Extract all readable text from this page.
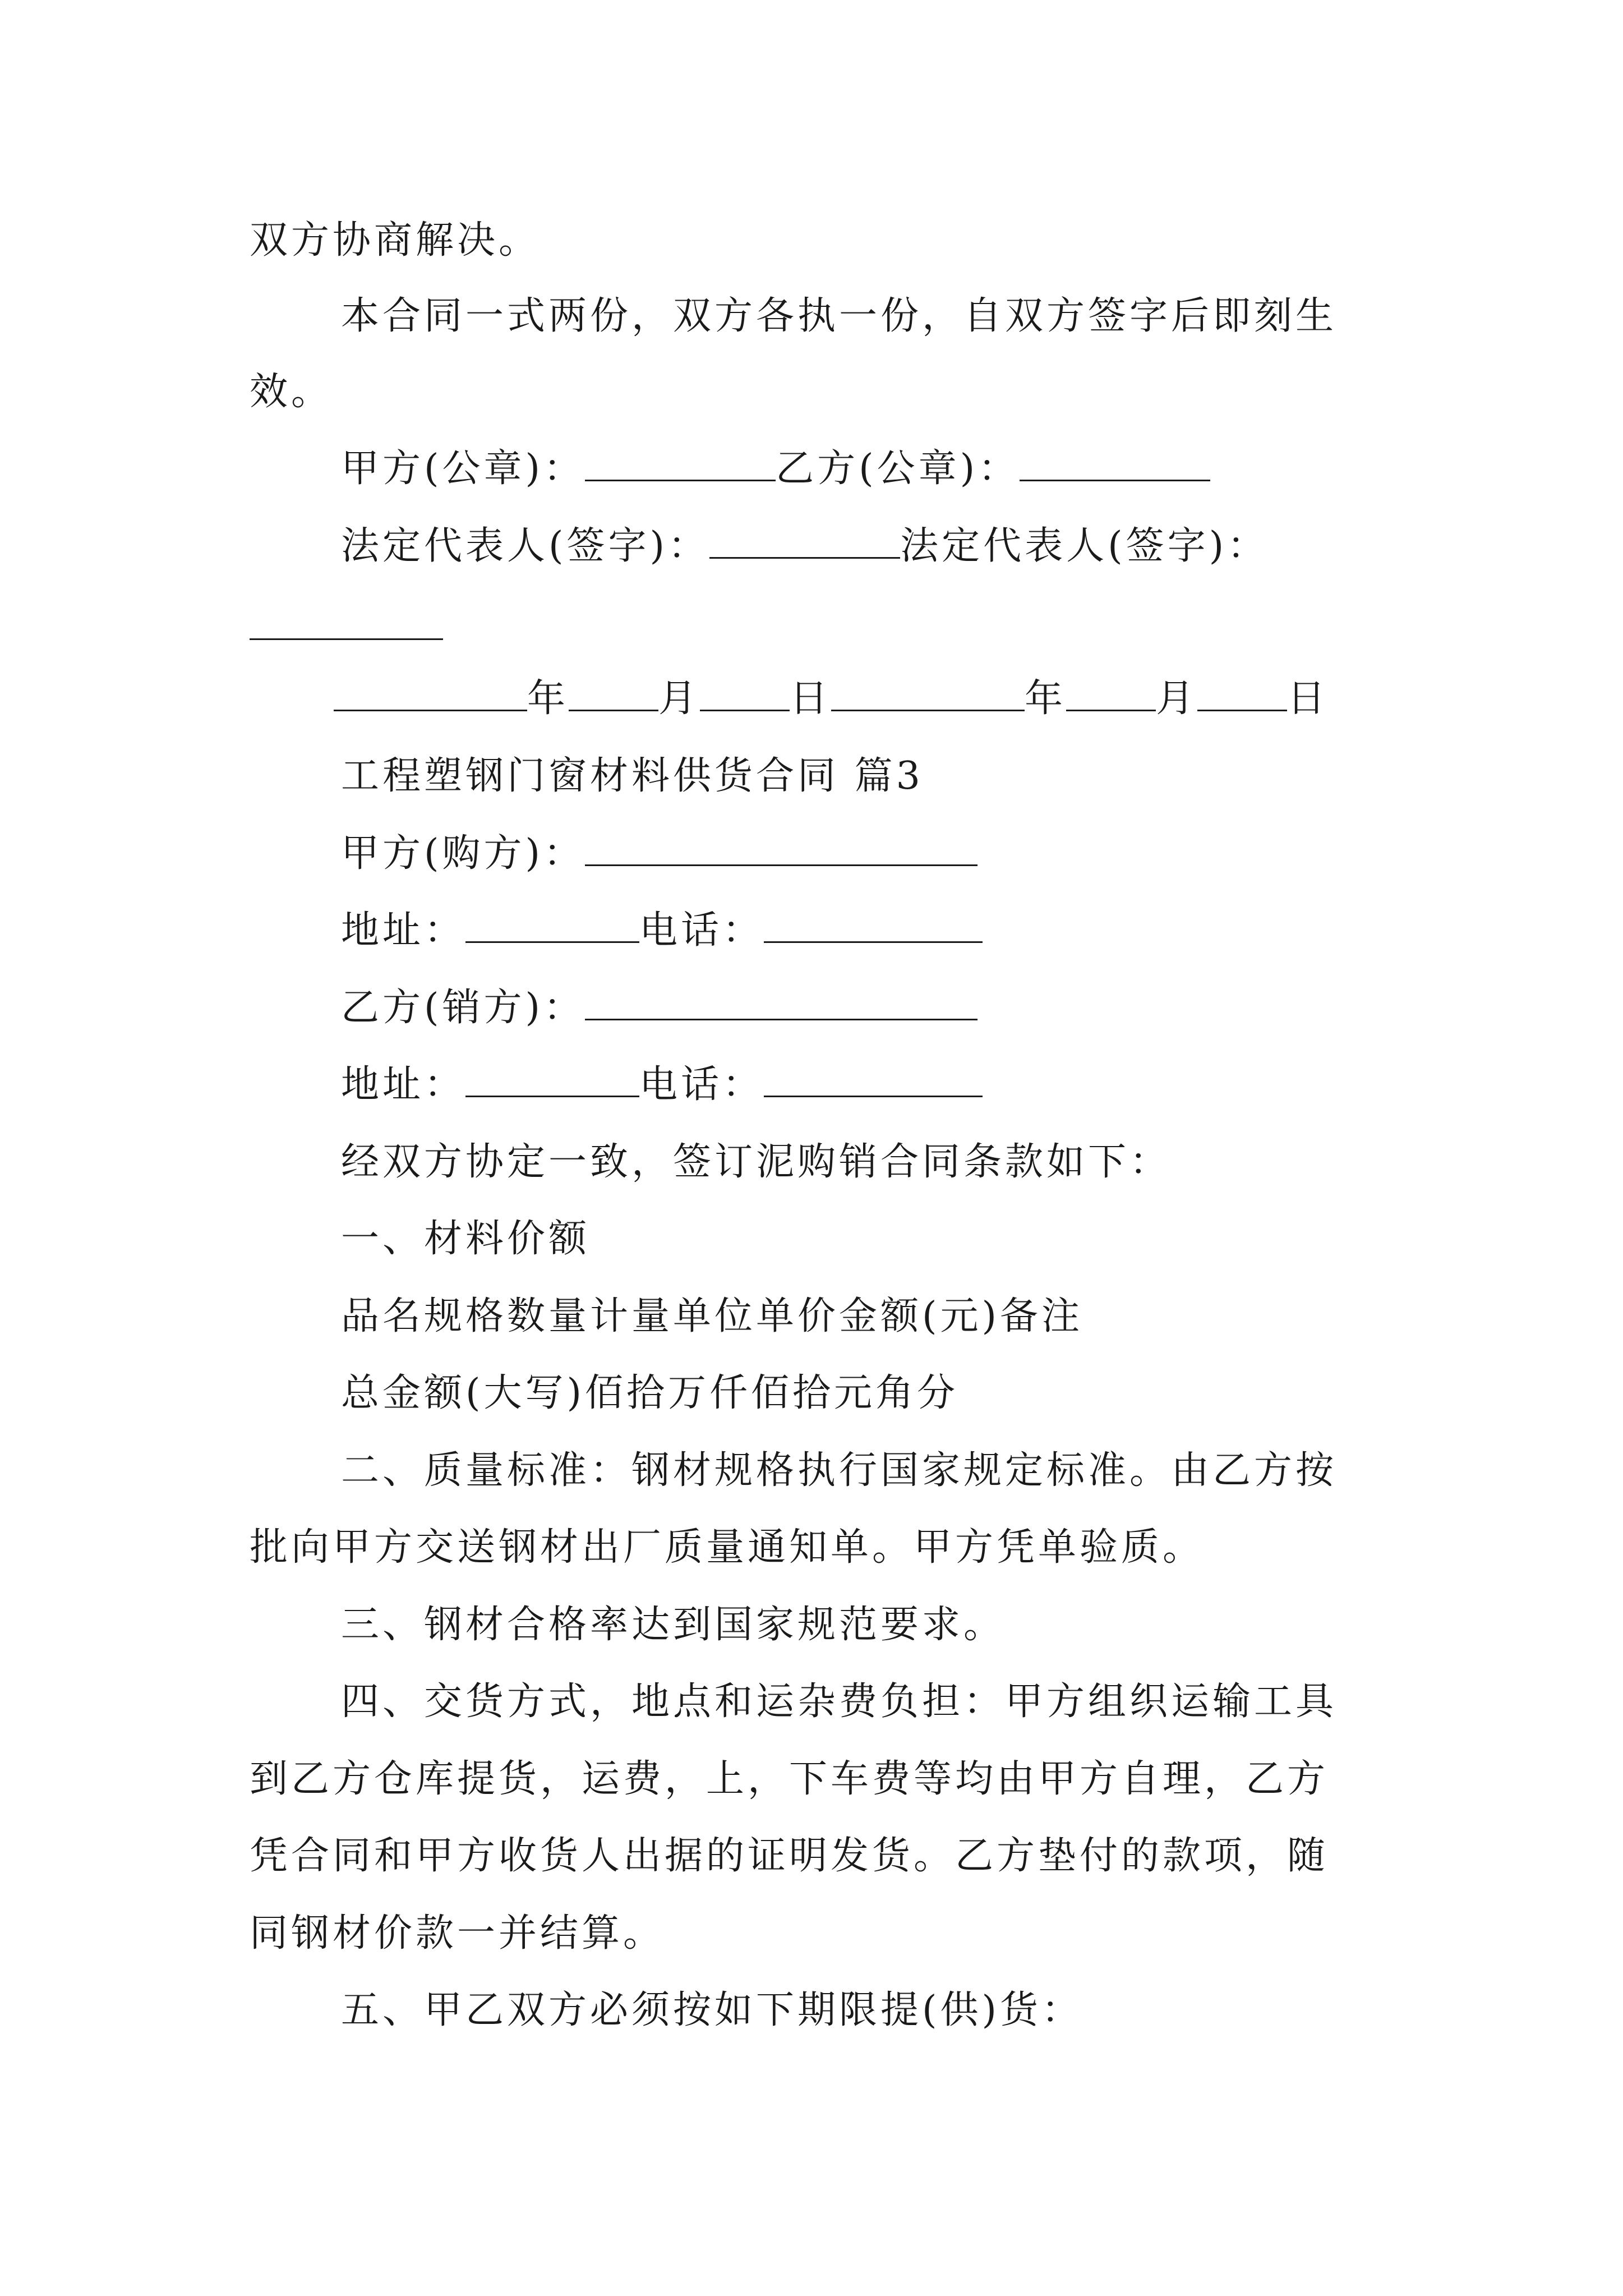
双方协商解决。
本合同一式两份，双方各执一份，自双方签字后即刻生
效。
甲方(公章)：	乙方(公章)：
法定代表人(签字)：	法定代表人(签字)：
年 月 日	年 月 日
工程塑钢门窗材料供货合同 篇3
甲方(购方)：
地址：	电话：
乙方(销方)：
地址：	电话：
经双方协定一致，签订泥购销合同条款如下：
一、材料价额
品名规格数量计量单位单价金额(元)备注
总金额(大写)佰拾万仟佰拾元角分
二、质量标准：钢材规格执行国家规定标准。由乙方按
批向甲方交送钢材出厂质量通知单。甲方凭单验质。
三、钢材合格率达到国家规范要求。
四、交货方式，地点和运杂费负担：甲方组织运输工具
到乙方仓库提货，运费，上，下车费等均由甲方自理，乙方
凭合同和甲方收货人出据的证明发货。乙方垫付的款项，随
同钢材价款一并结算。
五、甲乙双方必须按如下期限提(供)货：
